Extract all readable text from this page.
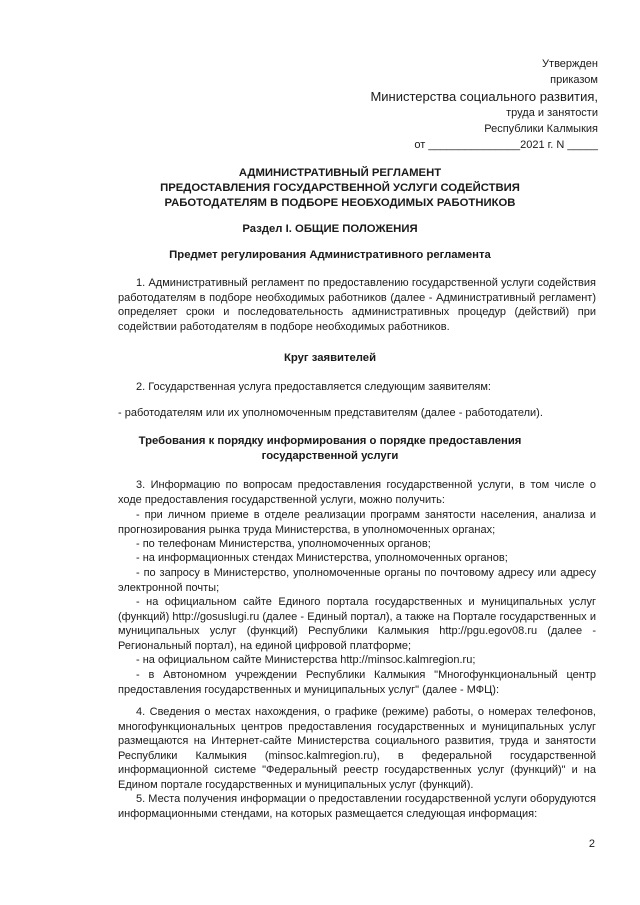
Утвержден
приказом
Министерства социального развития,
труда и занятости
Республики Калмыкия
от _______________2021 г. N _____
АДМИНИСТРАТИВНЫЙ РЕГЛАМЕНТ
ПРЕДОСТАВЛЕНИЯ ГОСУДАРСТВЕННОЙ УСЛУГИ СОДЕЙСТВИЯ
РАБОТОДАТЕЛЯМ В ПОДБОРЕ НЕОБХОДИМЫХ РАБОТНИКОВ
Раздел I. ОБЩИЕ ПОЛОЖЕНИЯ
Предмет регулирования Административного регламента
1. Административный регламент по предоставлению государственной услуги содействия работодателям в подборе необходимых работников (далее - Административный регламент) определяет сроки и последовательность административных процедур (действий) при содействии работодателям в подборе необходимых работников.
Круг заявителей
2. Государственная услуга предоставляется следующим заявителям:
- работодателям или их уполномоченным представителям (далее - работодатели).
Требования к порядку информирования о порядке предоставления
государственной услуги
3. Информацию по вопросам предоставления государственной услуги, в том числе о ходе предоставления государственной услуги, можно получить:
- при личном приеме в отделе реализации программ занятости населения, анализа и прогнозирования рынка труда Министерства, в уполномоченных органах;
- по телефонам Министерства, уполномоченных органов;
- на информационных стендах Министерства, уполномоченных органов;
- по запросу в Министерство, уполномоченные органы по почтовому адресу или адресу электронной почты;
- на официальном сайте Единого портала государственных и муниципальных услуг (функций) http://gosuslugi.ru (далее - Единый портал), а также на Портале государственных и муниципальных услуг (функций) Республики Калмыкия http://pgu.egov08.ru (далее - Региональный портал), на единой цифровой платформе;
- на официальном сайте Министерства http://minsoc.kalmregion.ru;
- в Автономном учреждении Республики Калмыкия "Многофункциональный центр предоставления государственных и муниципальных услуг" (далее - МФЦ):
4. Сведения о местах нахождения, о графике (режиме) работы, о номерах телефонов, многофункциональных центров предоставления государственных и муниципальных услуг размещаются на Интернет-сайте Министерства социального развития, труда и занятости Республики Калмыкия (minsoc.kalmregion.ru), в федеральной государственной информационной системе "Федеральный реестр государственных услуг (функций)" и на Едином портале государственных и муниципальных услуг (функций).
5. Места получения информации о предоставлении государственной услуги оборудуются информационными стендами, на которых размещается следующая информация:
2
